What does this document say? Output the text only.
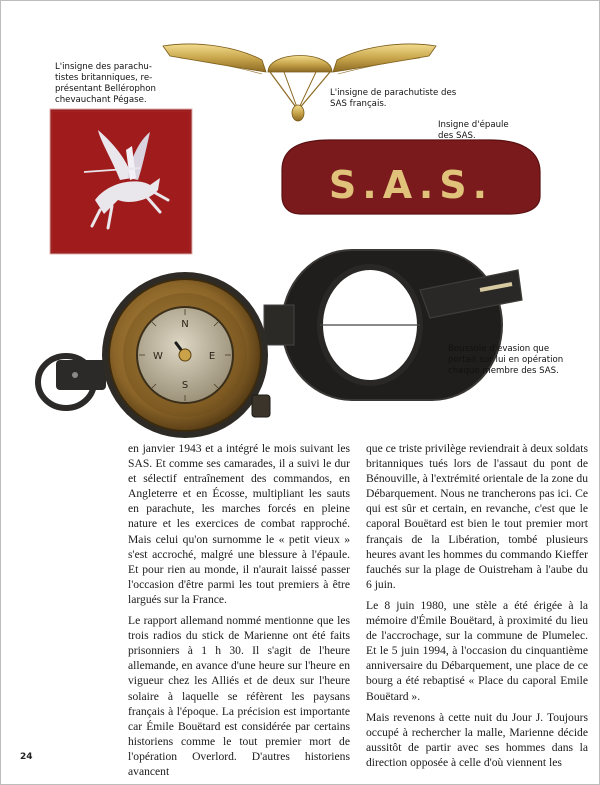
S.A.S.
N
E
W
S
L'insigne des parachu-tistes britanniques, re-présentant Bellérophon chevauchant Pégase.
L'insigne de parachutiste des SAS français.
Insigne d'épaule des SAS.
Boussole d'évasion que portait sur lui en opération chaque membre des SAS.

en janvier 1943 et a intégré le mois suivant les SAS. Et comme ses camarades, il a suivi le dur et sélectif entraînement des commandos, en Angleterre et en Écosse, multipliant les sauts en parachute, les marches forcés en pleine nature et les exercices de combat rapproché. Mais celui qu'on surnomme le « petit vieux » s'est accroché, malgré une blessure à l'épaule. Et pour rien au monde, il n'aurait laissé passer l'occasion d'être parmi les tout premiers à être largués sur la France.

Le rapport allemand nommé mentionne que les trois radios du stick de Marienne ont été faits prisonniers à 1 h 30. Il s'agit de l'heure allemande, en avance d'une heure sur l'heure en vigueur chez les Alliés et de deux sur l'heure solaire à laquelle se réfèrent les paysans français à l'époque. La précision est importante car Émile Bouëtard est considérée par certains historiens comme le tout premier mort de l'opération Overlord. D'autres historiens avancent

que ce triste privilège reviendrait à deux soldats britanniques tués lors de l'assaut du pont de Bénouville, à l'extrémité orientale de la zone du Débarquement. Nous ne trancherons pas ici. Ce qui est sûr et certain, en revanche, c'est que le caporal Bouëtard est bien le tout premier mort français de la Libération, tombé plusieurs heures avant les hommes du commando Kieffer fauchés sur la plage de Ouistreham à l'aube du 6 juin.

Le 8 juin 1980, une stèle a été érigée à la mémoire d'Émile Bouëtard, à proximité du lieu de l'accrochage, sur la commune de Plumelec. Et le 5 juin 1994, à l'occasion du cinquantième anniversaire du Débarquement, une place de ce bourg a été rebaptisé « Place du caporal Emile Bouëtard ».

Mais revenons à cette nuit du Jour J. Toujours occupé à rechercher la malle, Marienne décide aussitôt de partir avec ses hommes dans la direction opposée à celle d'où viennent les

24
